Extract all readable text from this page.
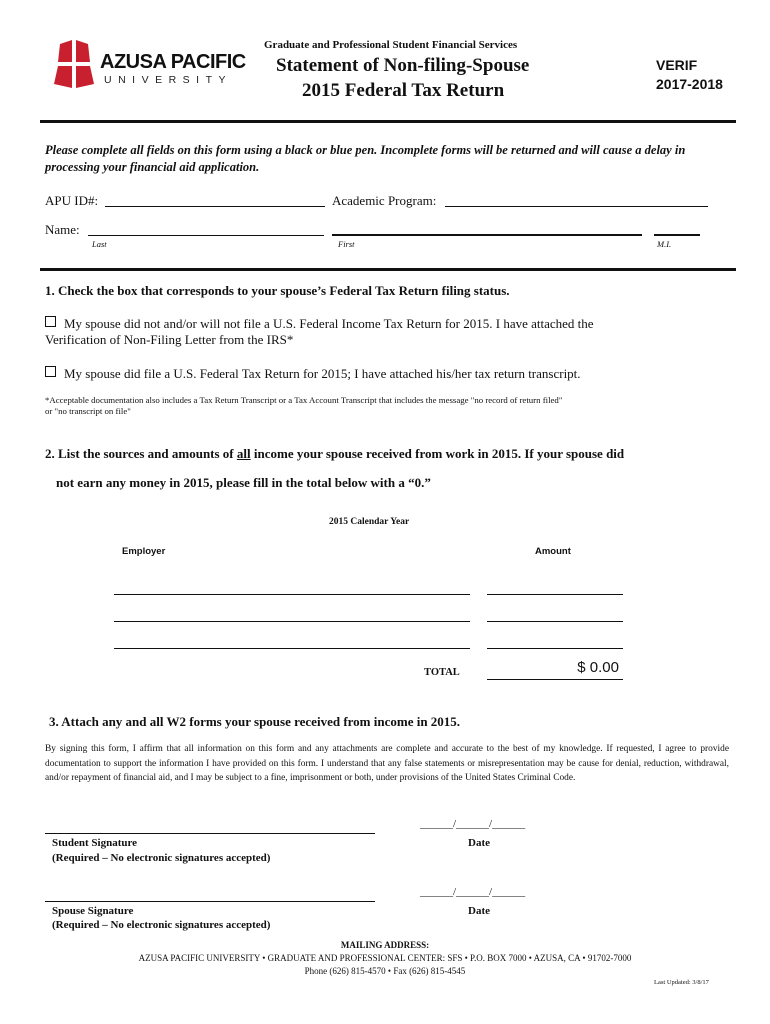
AZUSA PACIFIC
UNIVERSITY
Graduate and Professional Student Financial Services
Statement of Non-filing-Spouse
2015 Federal Tax Return
VERIF
2017-2018
Please complete all fields on this form using a black or blue pen. Incomplete forms will be returned and will cause a delay in processing your financial aid application.
APU ID#:	Academic Program:
Name:
Last	First	M.I.
1. Check the box that corresponds to your spouse’s Federal Tax Return filing status.
My spouse did not and/or will not file a U.S. Federal Income Tax Return for 2015. I have attached the
Verification of Non-Filing Letter from the IRS*
My spouse did file a U.S. Federal Tax Return for 2015; I have attached his/her tax return transcript.
*Acceptable documentation also includes a Tax Return Transcript or a Tax Account Transcript that includes the message "no record of return filed"
or "no transcript on file"
2. List the sources and amounts of all income your spouse received from work in 2015. If your spouse did
not earn any money in 2015, please fill in the total below with a “0.”
2015 Calendar Year
Employer	Amount
TOTAL	$ 0.00
3. Attach any and all W2 forms your spouse received from income in 2015.
By signing this form, I affirm that all information on this form and any attachments are complete and accurate to the best of my knowledge. If requested, I agree to provide documentation to support the information I have provided on this form. I understand that any false statements or misrepresentation may be cause for denial, reduction, withdrawal, and/or repayment of financial aid, and I may be subject to a fine, imprisonment or both, under provisions of the United States Criminal Code.
______/______/______
Student Signature
(Required – No electronic signatures accepted)
Date
______/______/______
Spouse Signature
(Required – No electronic signatures accepted)
Date
MAILING ADDRESS:
AZUSA PACIFIC UNIVERSITY • GRADUATE AND PROFESSIONAL CENTER: SFS • P.O. BOX 7000 • AZUSA, CA • 91702-7000
Phone (626) 815-4570 • Fax (626) 815-4545
Last Updated: 3/8/17
